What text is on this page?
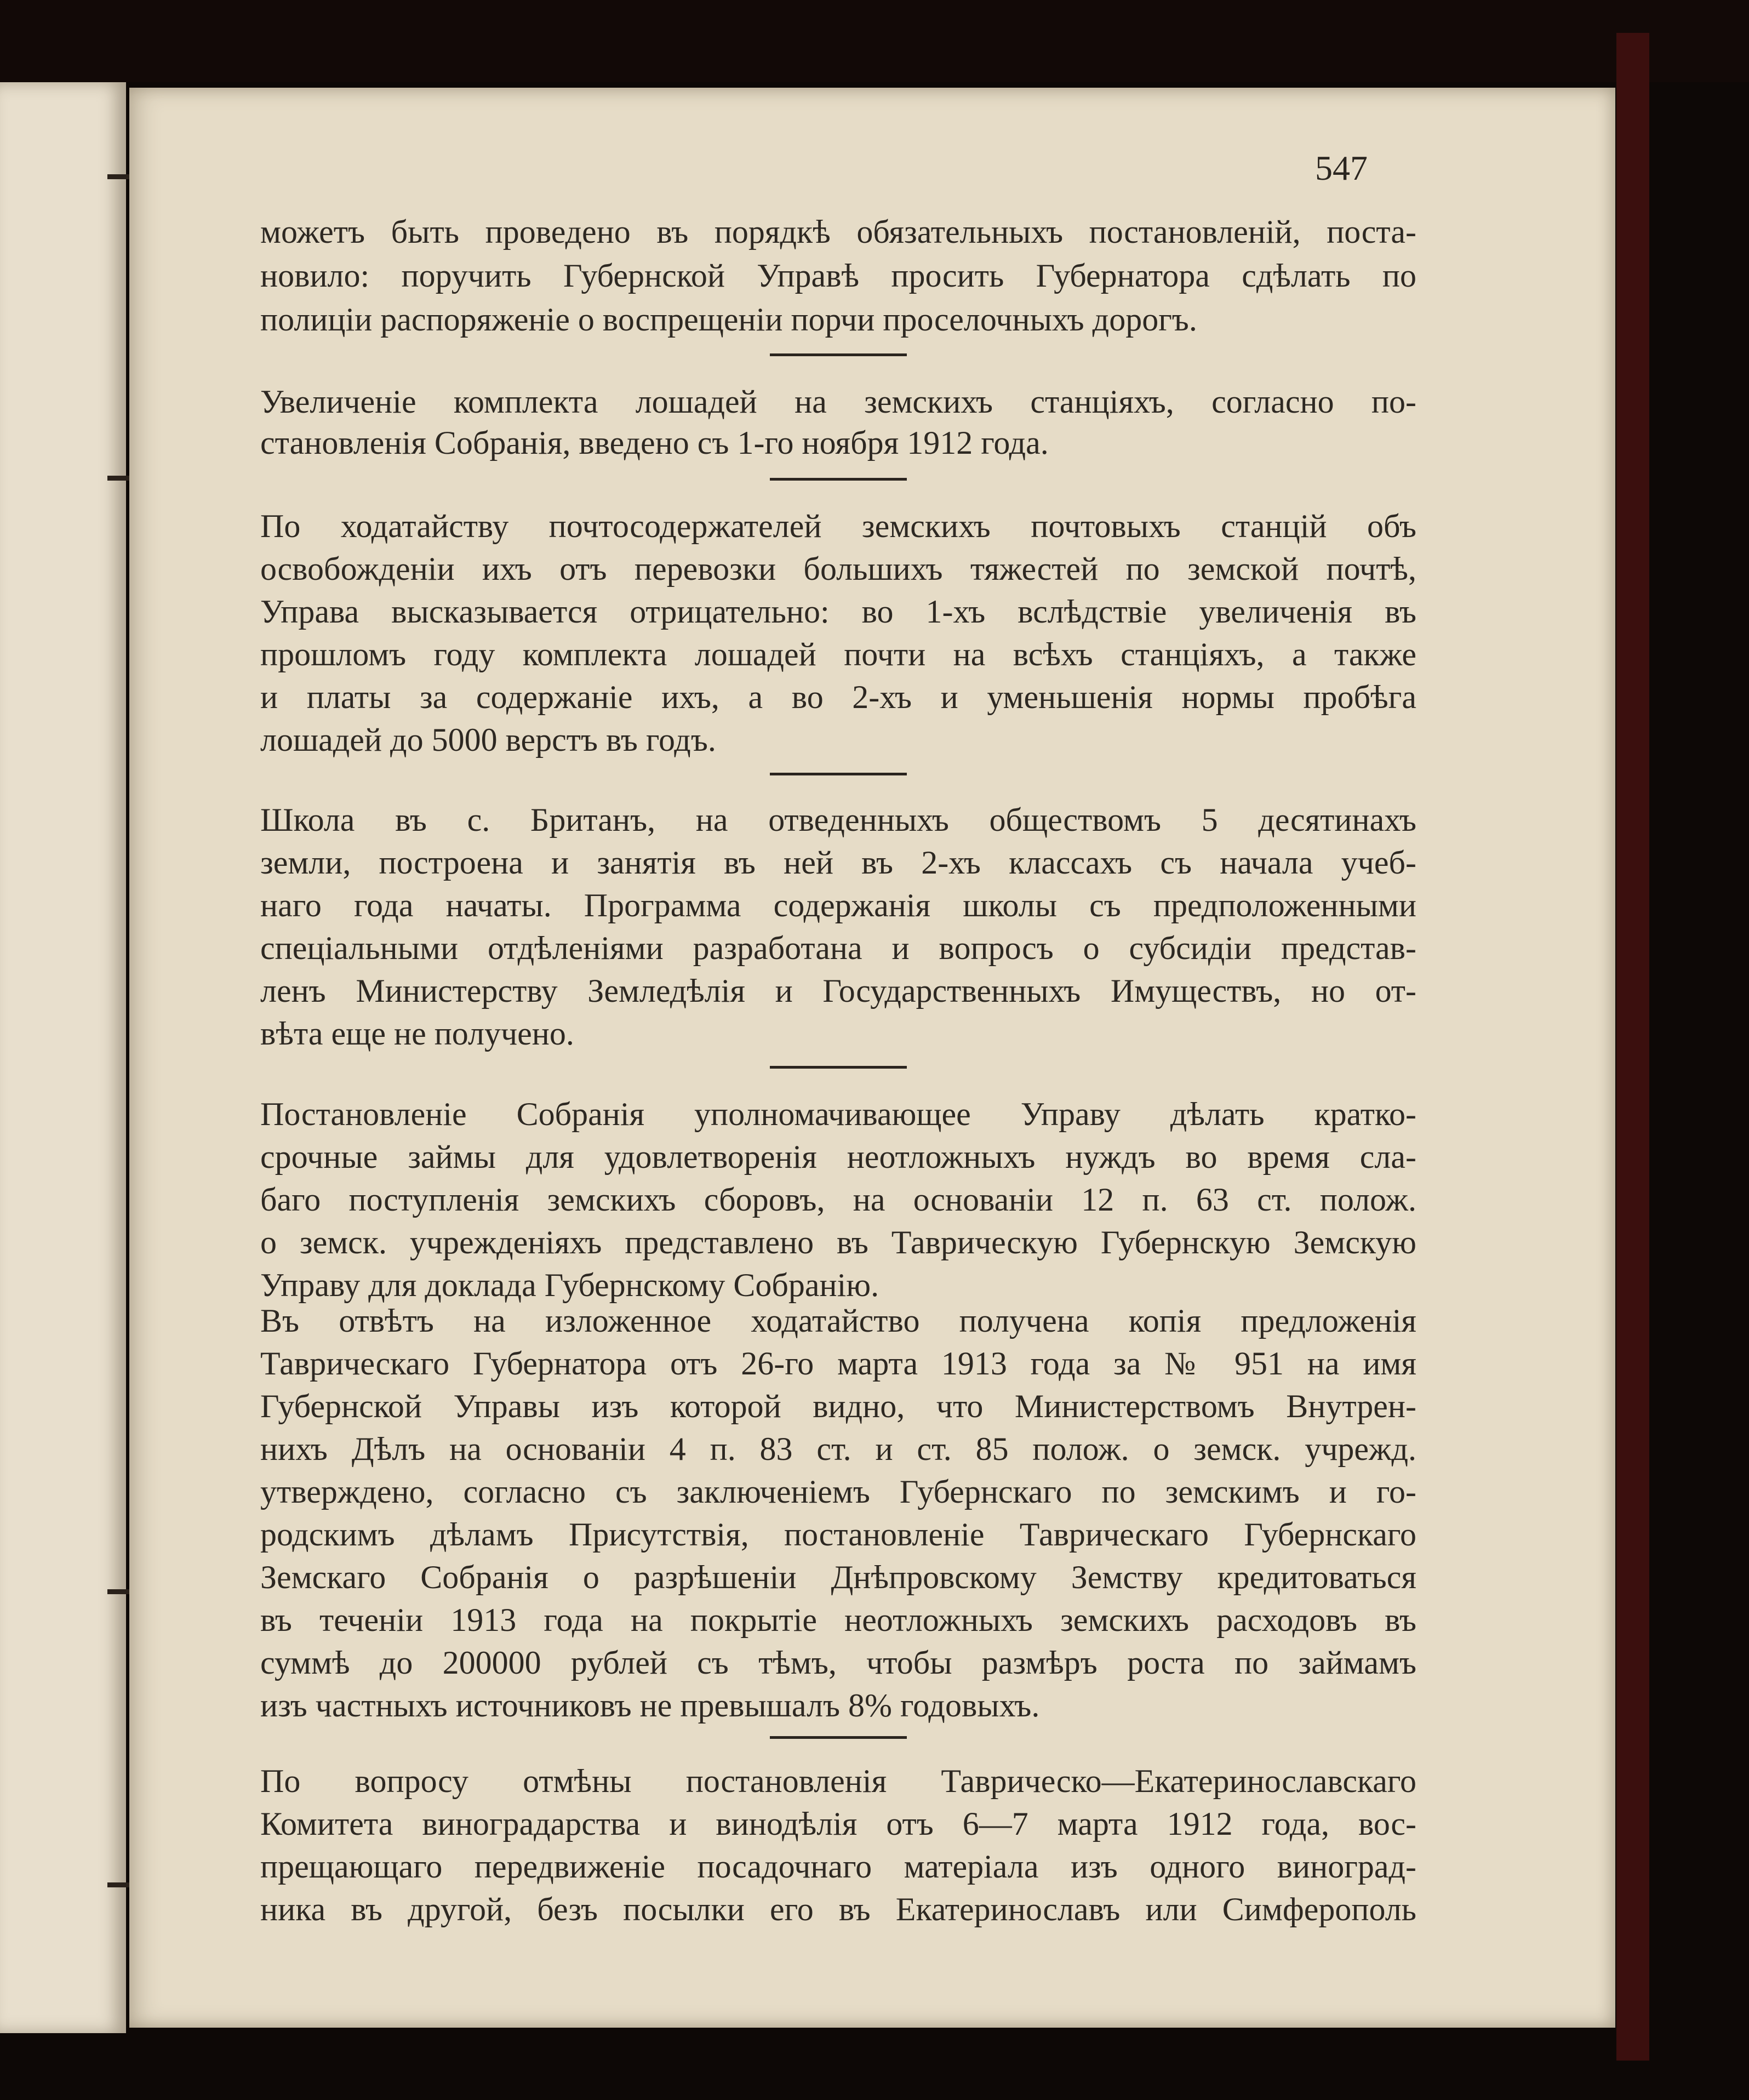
547
можетъ быть проведено въ порядкѣ обязательныхъ постановленій, поста-
новило: поручить Губернской Управѣ просить Губернатора сдѣлать по
полиціи распоряженіе о воспрещеніи порчи проселочныхъ дорогъ.
Увеличеніе комплекта лошадей на земскихъ станціяхъ, согласно по-
становленія Собранія, введено съ 1-го ноября 1912 года.
По ходатайству почтосодержателей земскихъ почтовыхъ станцій объ
освобожденіи ихъ отъ перевозки большихъ тяжестей по земской почтѣ,
Управа высказывается отрицательно: во 1-хъ вслѣдствіе увеличенія въ
прошломъ году комплекта лошадей почти на всѣхъ станціяхъ, а также
и платы за содержаніе ихъ, а во 2-хъ и уменьшенія нормы пробѣга
лошадей до 5000 верстъ въ годъ.
Школа въ с. Британъ, на отведенныхъ обществомъ 5 десятинахъ
земли, построена и занятія въ ней въ 2-хъ классахъ съ начала учеб-
наго года начаты. Программа содержанія школы съ предположенными
спеціальными отдѣленіями разработана и вопросъ о субсидіи представ-
ленъ Министерству Земледѣлія и Государственныхъ Имуществъ, но от-
вѣта еще не получено.
Постановленіе Собранія уполномачивающее Управу дѣлать кратко-
срочные займы для удовлетворенія неотложныхъ нуждъ во время сла-
баго поступленія земскихъ сборовъ, на основаніи 12 п. 63 ст. полож.
о земск. учрежденіяхъ представлено въ Таврическую Губернскую Земскую
Управу для доклада Губернскому Собранію.
Въ отвѣтъ на изложенное ходатайство получена копія предложенія
Таврическаго Губернатора отъ 26-го марта 1913 года за № 951 на имя
Губернской Управы изъ которой видно, что Министерствомъ Внутрен-
нихъ Дѣлъ на основаніи 4 п. 83 ст. и ст. 85 полож. о земск. учрежд.
утверждено, согласно съ заключеніемъ Губернскаго по земскимъ и го-
родскимъ дѣламъ Присутствія, постановленіе Таврическаго Губернскаго
Земскаго Собранія о разрѣшеніи Днѣпровскому Земству кредитоваться
въ теченіи 1913 года на покрытіе неотложныхъ земскихъ расходовъ въ
суммѣ до 200000 рублей съ тѣмъ, чтобы размѣръ роста по займамъ
изъ частныхъ источниковъ не превышалъ 8% годовыхъ.
По вопросу отмѣны постановленія Таврическо—Екатеринославскаго
Комитета виноградарства и винодѣлія отъ 6—7 марта 1912 года, вос-
прещающаго передвиженіе посадочнаго матеріала изъ одного виноград-
ника въ другой, безъ посылки его въ Екатеринославъ или Симферополь
